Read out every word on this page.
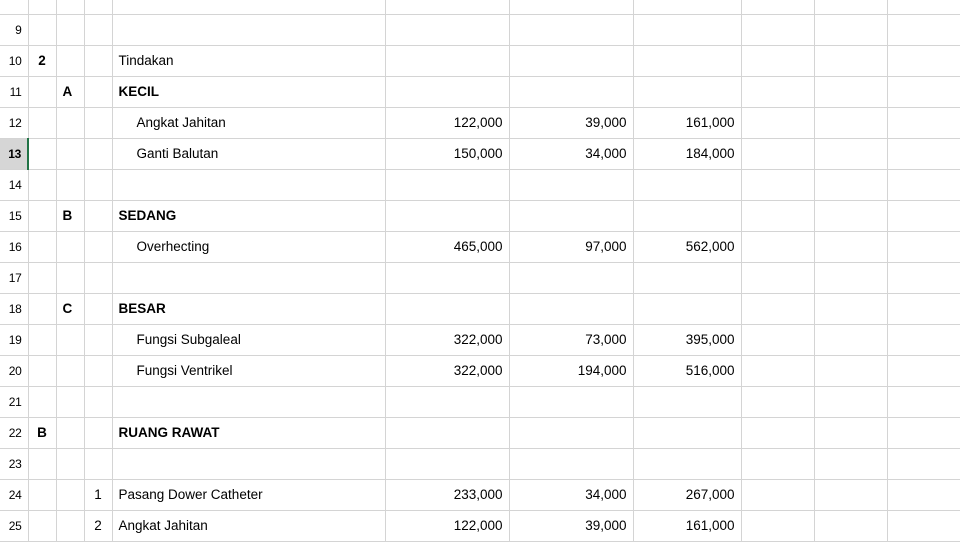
9										
10	2			Tindakan						
11		A		KECIL						
12				Angkat Jahitan	122,000	39,000	161,000			
13				Ganti Balutan	150,000	34,000	184,000			
14										
15		B		SEDANG						
16				Overhecting	465,000	97,000	562,000			
17										
18		C		BESAR						
19				Fungsi Subgaleal	322,000	73,000	395,000			
20				Fungsi Ventrikel	322,000	194,000	516,000			
21										
22	B			RUANG RAWAT						
23										
24			1	Pasang Dower Catheter	233,000	34,000	267,000			
25			2	Angkat Jahitan	122,000	39,000	161,000			
